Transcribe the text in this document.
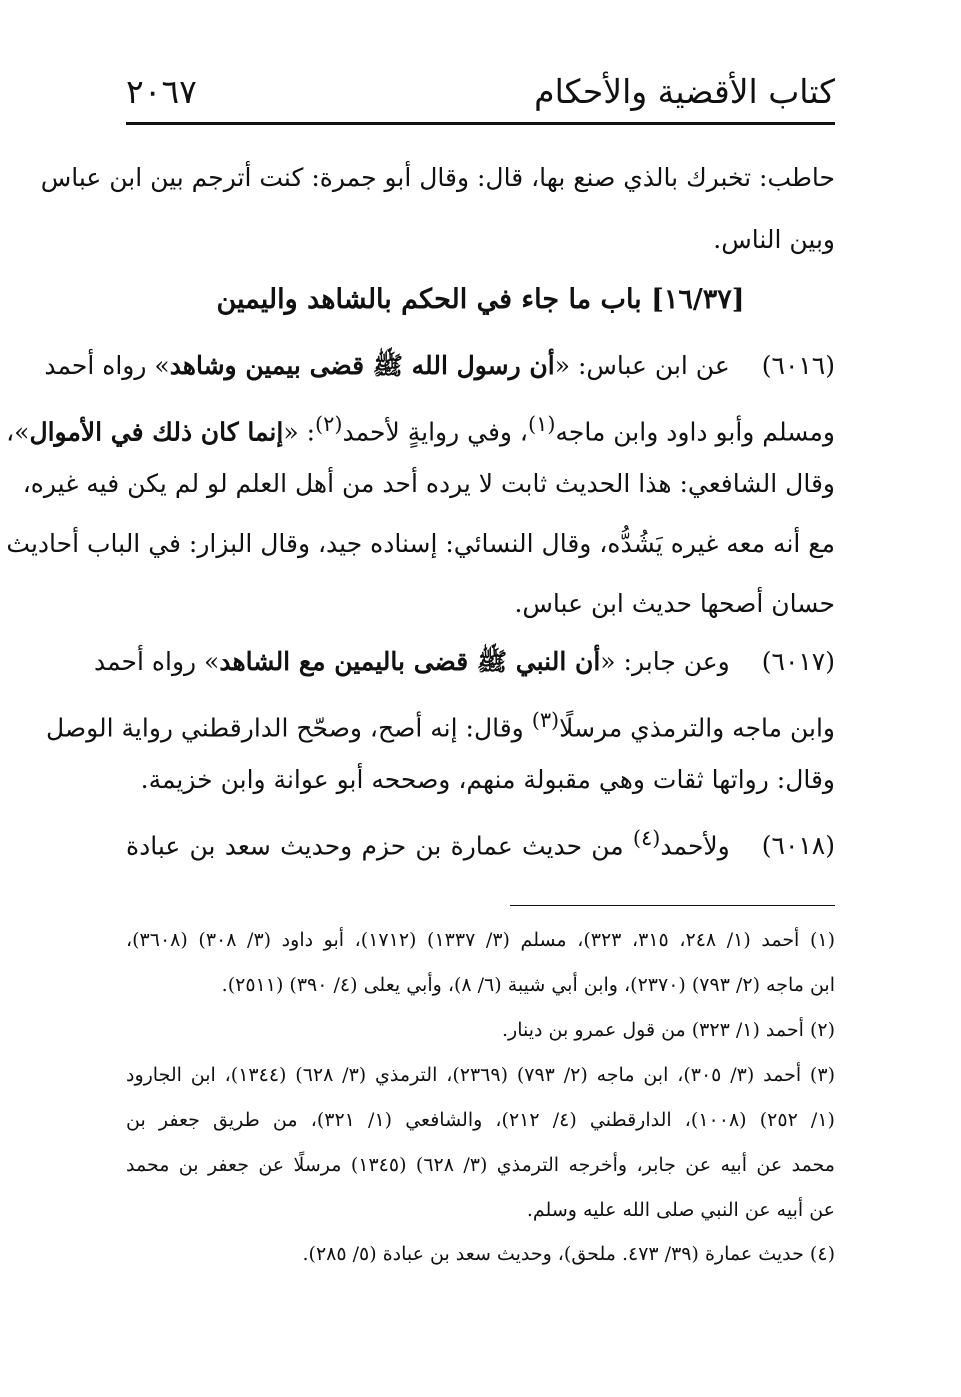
كتاب الأقضية والأحكام
٢٠٦٧
حاطب: تخبرك بالذي صنع بها، قال: وقال أبو جمرة: كنت أترجم بين ابن عباس
وبين الناس.
[١٦/٣٧] باب ما جاء في الحكم بالشاهد واليمين
(٦٠١٦)عن ابن عباس: «أن رسول الله ﷺ قضى بيمين وشاهد» رواه أحمد
ومسلم وأبو داود وابن ماجه$^{(١)}$، وفي روايةٍ لأحمد$^{(٢)}$: «إنما كان ذلك في الأموال»،
وقال الشافعي: هذا الحديث ثابت لا يرده أحد من أهل العلم لو لم يكن فيه غيره،
مع أنه معه غيره يَشُدُّه، وقال النسائي: إسناده جيد، وقال البزار: في الباب أحاديث
حسان أصحها حديث ابن عباس.
(٦٠١٧)وعن جابر: «أن النبي ﷺ قضى باليمين مع الشاهد» رواه أحمد
وابن ماجه والترمذي مرسلًا$^{(٣)}$ وقال: إنه أصح، وصحّح الدارقطني رواية الوصل
وقال: رواتها ثقات وهي مقبولة منهم، وصححه أبو عوانة وابن خزيمة.
(٦٠١٨)ولأحمد$^{(٤)}$ من حديث عمارة بن حزم وحديث سعد بن عبادة
(١) أحمد (١/ ٢٤٨، ٣١٥، ٣٢٣)، مسلم (٣/ ١٣٣٧) (١٧١٢)، أبو داود (٣/ ٣٠٨) (٣٦٠٨)،
ابن ماجه (٢/ ٧٩٣) (٢٣٧٠)، وابن أبي شيبة (٦/ ٨)، وأبي يعلى (٤/ ٣٩٠) (٢٥١١).
(٢) أحمد (١/ ٣٢٣) من قول عمرو بن دينار.
(٣) أحمد (٣/ ٣٠٥)، ابن ماجه (٢/ ٧٩٣) (٢٣٦٩)، الترمذي (٣/ ٦٢٨) (١٣٤٤)، ابن الجارود
(١/ ٢٥٢) (١٠٠٨)، الدارقطني (٤/ ٢١٢)، والشافعي (١/ ٣٢١)، من طريق جعفر بن
محمد عن أبيه عن جابر، وأخرجه الترمذي (٣/ ٦٢٨) (١٣٤٥) مرسلًا عن جعفر بن محمد
عن أبيه عن النبي صلى الله عليه وسلم.
(٤) حديث عمارة (٣٩/ ٤٧٣. ملحق)، وحديث سعد بن عبادة (٥/ ٢٨٥).
